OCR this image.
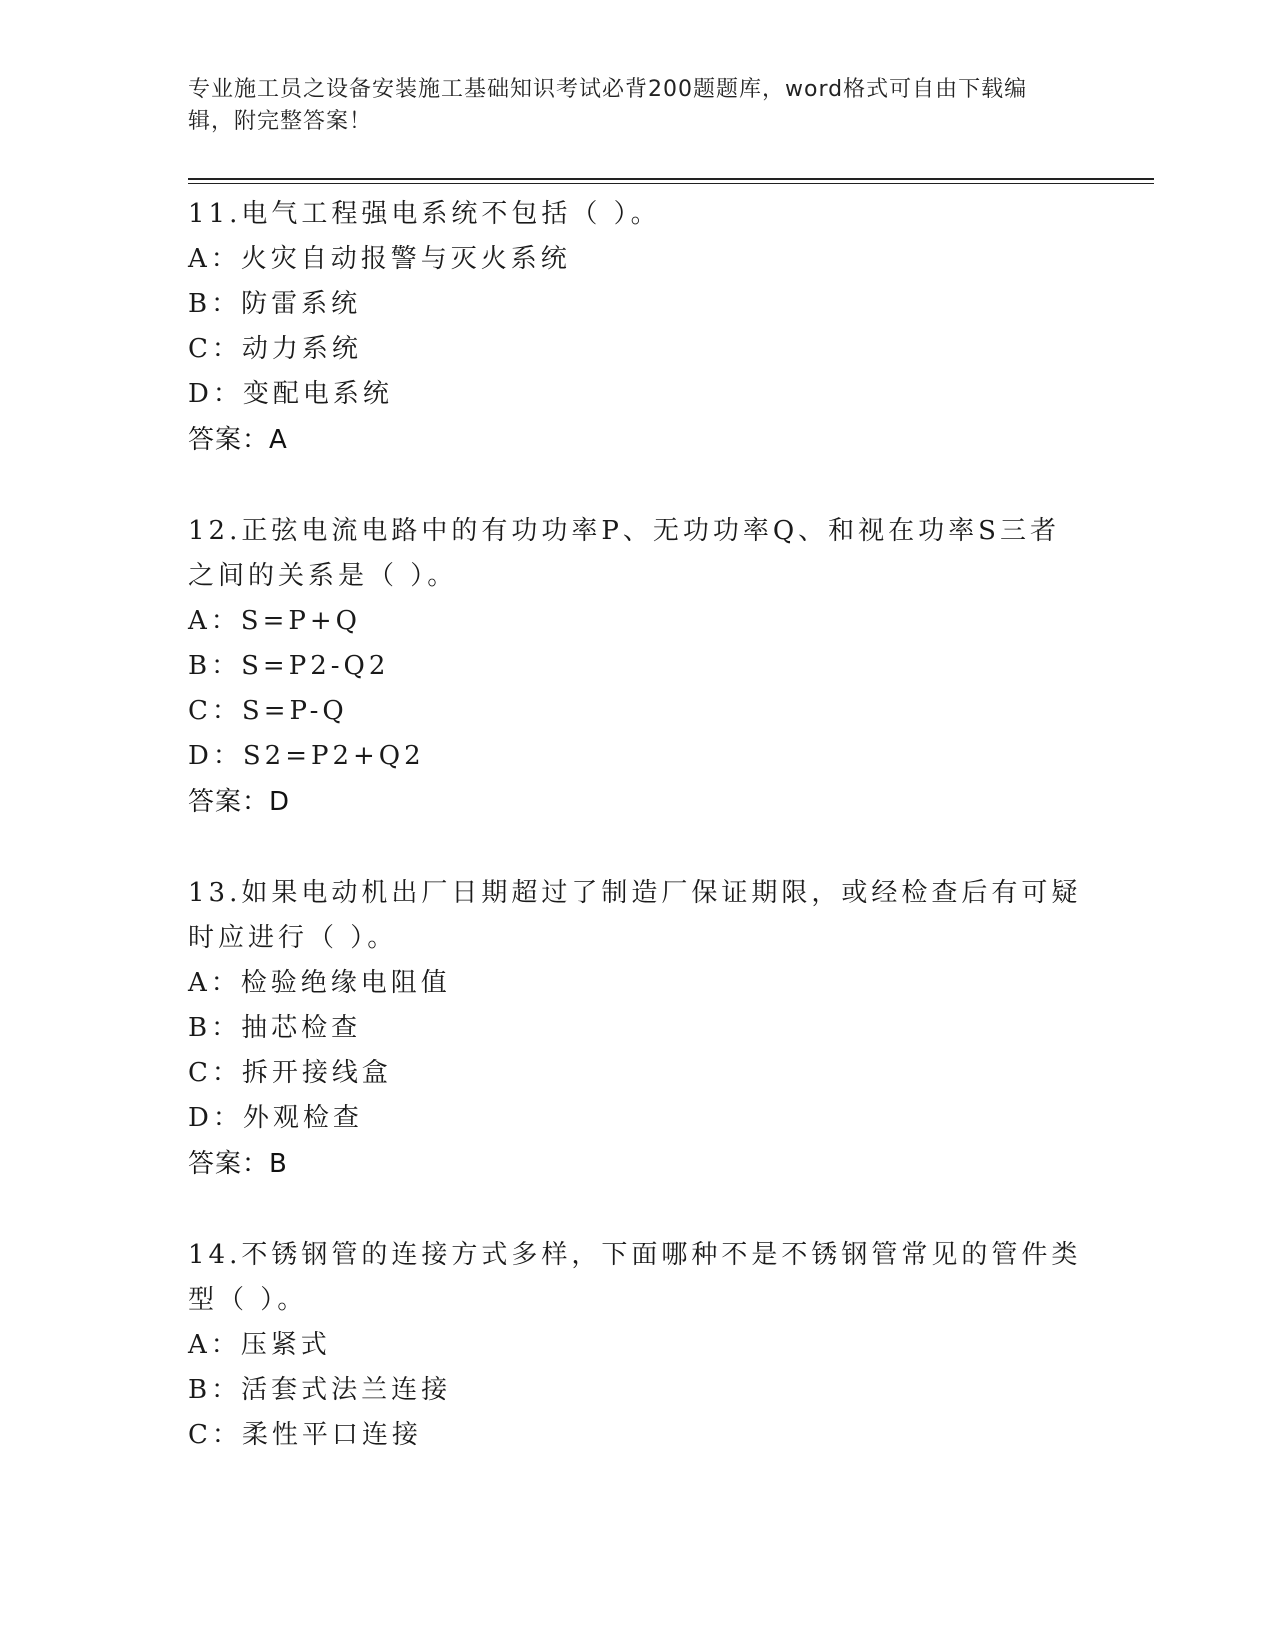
专业施工员之设备安装施工基础知识考试必背200题题库，word格式可自由下载编辑，附完整答案！

11.电气工程强电系统不包括（ ）。

A：火灾自动报警与灭火系统
B：防雷系统
C：动力系统
D：变配电系统
答案：A

12.正弦电流电路中的有功功率P、无功功率Q、和视在功率S三者之间的关系是（ ）。

A：S=P+Q
B：S=P2-Q2
C：S=P-Q
D：S2=P2+Q2
答案：D

13.如果电动机出厂日期超过了制造厂保证期限，或经检查后有可疑时应进行（ ）。

A：检验绝缘电阻值
B：抽芯检查
C：拆开接线盒
D：外观检查
答案：B

14.不锈钢管的连接方式多样，下面哪种不是不锈钢管常见的管件类型（ ）。

A：压紧式
B：活套式法兰连接
C：柔性平口连接
